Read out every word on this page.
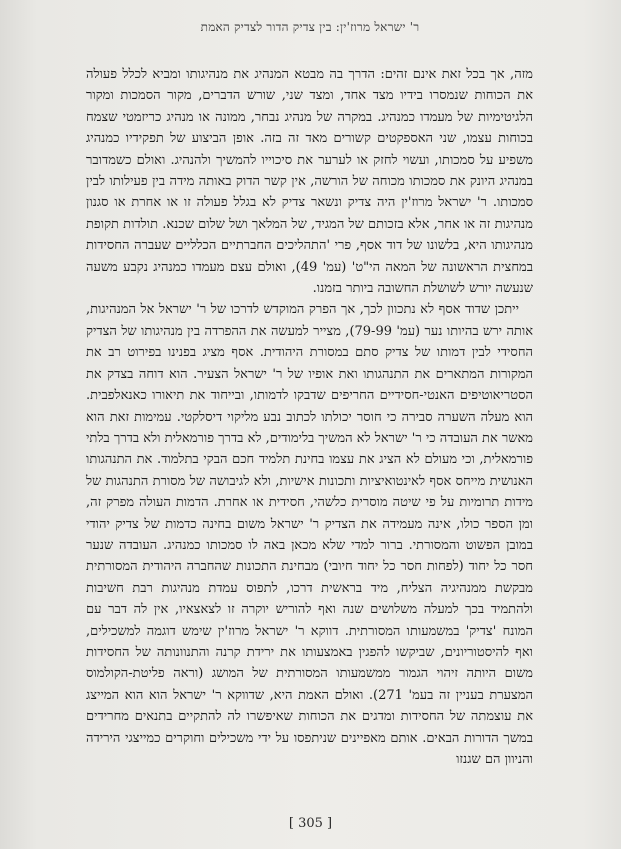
ר' ישראל מרוז'ין: בין צדיק הדור לצדיק האמת

מזה, אך בכל זאת אינם זהים: הדרך בה מבטא המנהיג את מנהיגותו ומביא לכלל פעולה את הכוחות שנמסרו בידיו מצד אחד, ומצד שני, שורש הדברים, מקור הסמכות ומקור הלגיטימיות של מעמדו כמנהיג. במקרה של מנהיג נבחר, ממונה או מנהיג כריזמטי שצמח בכוחות עצמו, שני האספקטים קשורים מאד זה בזה. אופן הביצוע של תפקידיו כמנהיג משפיע על סמכותו, ועשוי לחזק או לערער את סיכוייו להמשיך ולהנהיג. ואולם כשמדובר במנהיג היונק את סמכותו מכוחה של הורשה, אין קשר הדוק באותה מידה בין פעילותו לבין סמכותו. ר' ישראל מרוז'ין היה צדיק ונשאר צדיק לא בגלל פעולה זו או אחרת או סגנון מנהיגות זה או אחר, אלא בזכותם של המגיד, של המלאך ושל שלום שכנא. תולדות תקופת מנהיגותו היא, בלשונו של דוד אסף, פרי 'התהליכים החברתיים הכלליים שעברה החסידות במחצית הראשונה של המאה הי"ט' (עמ' 49), ואולם עצם מעמדו כמנהיג נקבע משעה שנעשה יורש לשושלת החשובה ביותר בזמנו.

ייתכן שדוד אסף לא נתכוון לכך, אך הפרק המוקדש לדרכו של ר' ישראל אל המנהיגות, אותה ירש בהיותו נער (עמ' 79-99), מצייר למעשה את ההפרדה בין מנהיגותו של הצדיק החסידי לבין דמותו של צדיק סתם במסורת היהודית. אסף מציג בפנינו בפירוט רב את המקורות המתארים את התנהגותו ואת אופיו של ר' ישראל הצעיר. הוא דוחה בצדק את הסטריאוטיפים האנטי-חסידיים החריפים שדבקו לדמותו, ובייחוד את תיאורו כאנאלפבית. הוא מעלה השערה סבירה כי חוסר יכולתו לכתוב נבע מליקוי דיסלקטי. עמימות זאת הוא מאשר את העובדה כי ר' ישראל לא המשיך בלימודים, לא בדרך פורמאלית ולא בדרך בלתי פורמאלית, וכי מעולם לא הציג את עצמו בחינת תלמיד חכם הבקי בתלמוד. את התנהגותו האנושית מייחס אסף לאינטואיציות ותכונות אישיות, ולא לגיבושה של מסורת התנהגות של מידות תרומיות על פי שיטה מוסרית כלשהי, חסידית או אחרת. הדמות העולה מפרק זה, ומן הספר כולו, אינה מעמידה את הצדיק ר' ישראל משום בחינה כדמות של צדיק יהודי במובן הפשוט והמסורתי. ברור למדי שלא מכאן באה לו סמכותו כמנהיג. העובדה שנער חסר כל יחוד (לפחות חסר כל יחוד חיובי) מבחינת התכונות שהחברה היהודית המסורתית מבקשת ממנהיגיה הצליח, מיד בראשית דרכו, לתפוס עמדת מנהיגות רבת חשיבות ולהתמיד בכך למעלה משלושים שנה ואף להוריש יוקרה זו לצאצאיו, אין לה דבר עם המונח 'צדיק' במשמעותו המסורתית. דווקא ר' ישראל מרוז'ין שימש דוגמה למשכילים, ואף להיסטוריונים, שביקשו להפגין באמצעותו את ירידת קרנה והתנוונותה של החסידות משום היותה זיהוי הגמור ממשמעותו המסורתית של המושג (וראה פליטת-הקולמוס המצערת בעניין זה בעמ' 271). ואולם האמת היא, שדווקא ר' ישראל הוא הוא המייצג את עוצמתה של החסידות ומדגים את הכוחות שאיפשרו לה להתקיים בתנאים מחרידים במשך הדורות הבאים. אותם מאפיינים שניתפסו על ידי משכילים וחוקרים כמייצגי הירידה והניוון הם שגנזו

[ 305 ]
